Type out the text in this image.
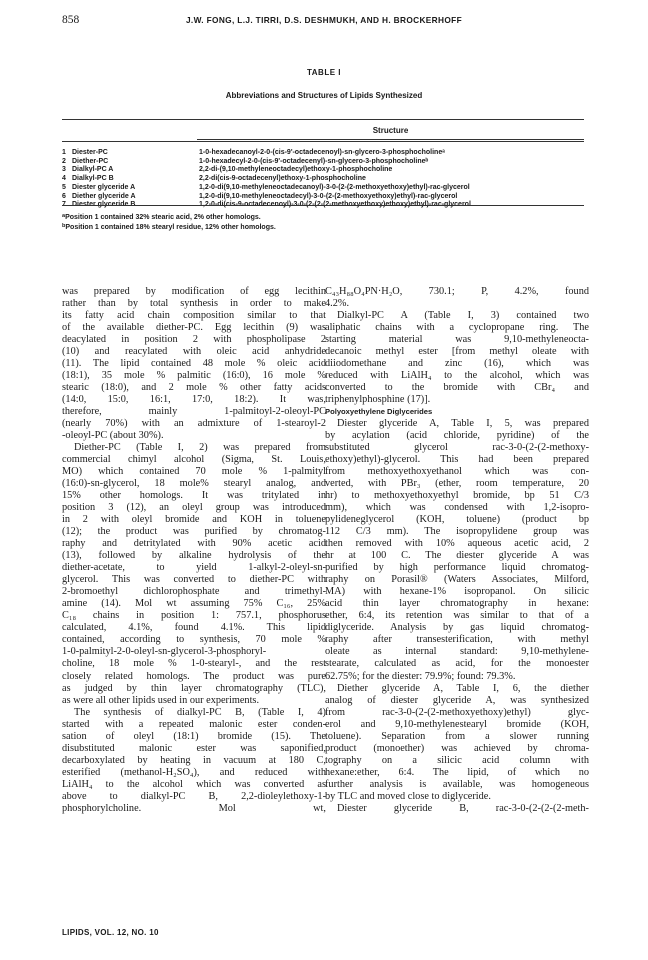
858	J.W. FONG, L.J. TIRRI, D.S. DESHMUKH, AND H. BROCKERHOFF
TABLE I
Abbreviations and Structures of Lipids Synthesized
Structure
1 Diester-PC	1-0-hexadecanoyl-2-0-(cis-9'-octadecenoyl)-sn-glycero-3-phosphocholineᵃ
2 Diether-PC	1-0-hexadecyl-2-0-(cis-9'-octadecenyl)-sn-glycero-3-phosphocholineᵇ
3 Dialkyl-PC A	2,2-di-(9,10-methyleneoctadecyl)ethoxy-1-phosphocholine
4 Dialkyl-PC B	2,2-di(cis-9-octadecenyl)ethoxy-1-phosphocholine
5 Diester glyceride A	1,2-0-di(9,10-methyleneoctadecanoyl)-3-0-(2-(2-methoxyethoxy)ethyl)-rac-glycerol
6 Diether glyceride A	1,2-0-di(9,10-methyleneoctadecyl)-3-0-(2-(2-methoxyethoxy)ethyl)-rac-glycerol
7 Diester glyceride B	1,2-0-di(cis-9-octadecenoyl)-3-0-(2-(2-(2-methoxyethoxy)ethoxy)ethyl)-rac-glycerol
$^a$Position 1 contained 32% stearic acid, 2% other homologs.
$^b$Position 1 contained 18% stearyl residue, 12% other homologs.
was prepared by modification of egg lecithin
rather than by total synthesis in order to make
its fatty acid chain composition similar to that
of the available diether-PC. Egg lecithin (9) was
deacylated in position 2 with phospholipase 2
(10) and reacylated with oleic acid anhydride
(11). The lipid contained 48 mole % oleic acid
(18:1), 35 mole % palmitic (16:0), 16 mole %
stearic (18:0), and 2 mole % other fatty acids
(14:0, 15:0, 16:1, 17:0, 18:2). It was,
therefore, mainly 1-palmitoyl-2-oleoyl-PC
(nearly 70%) with an admixture of 1-stearoyl-2
-oleoyl-PC (about 30%).
Diether-PC (Table I, 2) was prepared from
commercial chimyl alcohol (Sigma, St. Louis,
MO) which contained 70 mole % 1-palmityl
(16:0)-sn-glycerol, 18 mole% stearyl analog, and
15% other homologs. It was tritylated in
position 3 (12), an oleyl group was introduced
in 2 with oleyl bromide and KOH in toluene
(12); the product was purified by chromatog-
raphy and detritylated with 90% acetic acid
(13), followed by alkaline hydrolysis of the
diether-acetate, to yield 1-alkyl-2-oleyl-sn-
glycerol. This was converted to diether-PC with
2-bromoethyl dichlorophosphate and trimethyl-
amine (14). Mol wt assuming 75% C₁₆, 25%
C₁₈ chains in position 1: 757.1, phosphorus
calculated, 4.1%, found 4.1%. This lipid
contained, according to synthesis, 70 mole %
1-0-palmityl-2-0-oleyl-sn-glycerol-3-phosphoryl-
choline, 18 mole % 1-0-stearyl-, and the rest
closely related homologs. The product was pure
as judged by thin layer chromatography (TLC),
as were all other lipids used in our experiments.
The synthesis of dialkyl-PC B, (Table I, 4)
started with a repeated malonic ester conden-
sation of oleyl (18:1) bromide (15). The
disubstituted malonic ester was saponified,
decarboxylated by heating in vacuum at 180 C,
esterified (methanol-H₂SO₄), and reduced with
LiAlH₄ to the alcohol which was converted as
above to dialkyl-PC B, 2,2-dioleylethoxy-1-
phosphorylcholine. Mol wt,
C₄₃H₈₈O₄PN·H₂O, 730.1; P, 4.2%, found
4.2%.
Dialkyl-PC A (Table I, 3) contained two
aliphatic chains with a cyclopropane ring. The
starting material was 9,10-methyleneocta-
decanoic methyl ester [from methyl oleate with
diiodomethane and zinc (16), which was
reduced with LiAlH₄ to the alcohol, which was
converted to the bromide with CBr₄ and
triphenylphosphine (17)].
Polyoxyethylene Diglycerides
Diester glyceride A, Table I, 5, was prepared
by acylation (acid chloride, pyridine) of the
substituted glycerol rac-3-0-(2-(2-methoxy-
ethoxy)ethyl)-glycerol. This had been prepared
from methoxyethoxyethanol which was con-
verted, with PBr₃ (ether, room temperature, 20
hr) to methoxyethoxyethyl bromide, bp 51 C/3
mm), which was condensed with 1,2-isopro-
pylideneglycerol (KOH, toluene) (product bp
112 C/3 mm). The isopropylidene group was
then removed with 10% aqueous acetic acid, 2
hr at 100 C. The diester glyceride A was
purified by high performance liquid chromatog-
raphy on Porasil® (Waters Associates, Milford,
MA) with hexane-1% isopropanol. On silicic
acid thin layer chromatography in hexane:
ether, 6:4, its retention was similar to that of a
diglyceride. Analysis by gas liquid chromatog-
raphy after transesterification, with methyl
oleate as internal standard: 9,10-methylene-
stearate, calculated as acid, for the monoester
62.75%; for the diester: 79.9%; found: 79.3%.
Diether glyceride A, Table I, 6, the diether
analog of diester glyceride A, was synthesized
from rac-3-0-(2-(2-methoxyethoxy)ethyl) glyc-
erol and 9,10-methylenestearyl bromide (KOH,
toluene). Separation from a slower running
product (monoether) was achieved by chroma-
tography on a silicic acid column with
hexane:ether, 6:4. The lipid, of which no
further analysis is available, was homogeneous
by TLC and moved close to diglyceride.
Diester glyceride B, rac-3-0-(2-(2-(2-meth-
LIPIDS, VOL. 12, NO. 10
